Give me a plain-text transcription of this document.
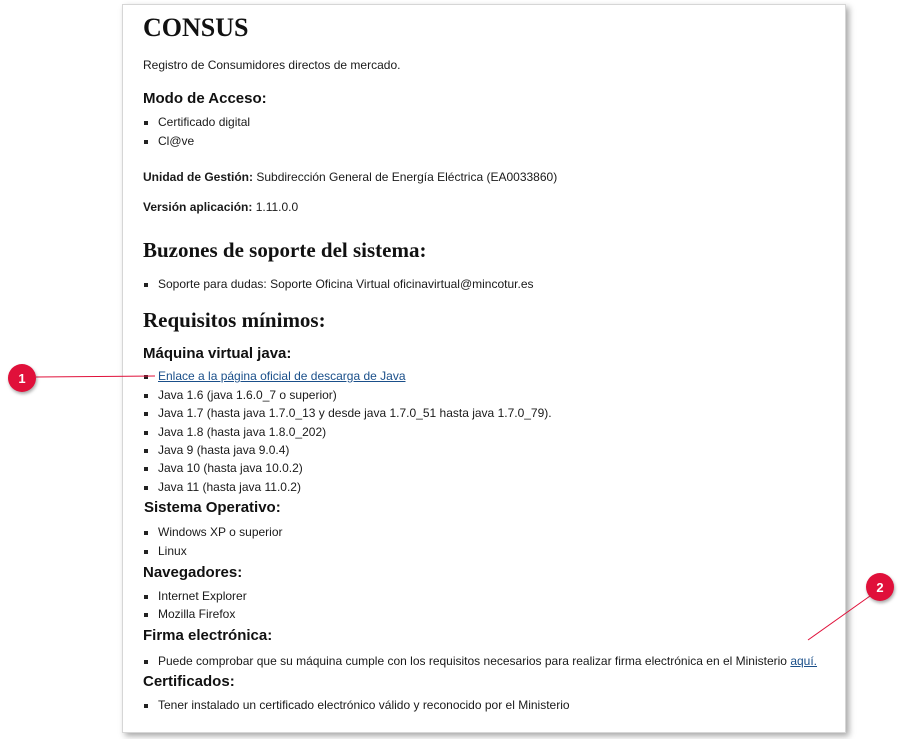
CONSUS

Registro de Consumidores directos de mercado.

Modo de Acceso:
Certificado digital
Cl@ve

Unidad de Gestión: Subdirección General de Energía Eléctrica (EA0033860)

Versión aplicación: 1.11.0.0

Buzones de soporte del sistema:
Soporte para dudas: Soporte Oficina Virtual oficinavirtual@mincotur.es
Requisitos mínimos:
Máquina virtual java:
Enlace a la página oficial de descarga de Java
Java 1.6 (java 1.6.0_7 o superior)
Java 1.7 (hasta java 1.7.0_13 y desde java 1.7.0_51 hasta java 1.7.0_79).
Java 1.8 (hasta java 1.8.0_202)
Java 9 (hasta java 9.0.4)
Java 10 (hasta java 10.0.2)
Java 11 (hasta java 11.0.2)
Sistema Operativo:
Windows XP o superior
Linux
Navegadores:
Internet Explorer
Mozilla Firefox
Firma electrónica:
Puede comprobar que su máquina cumple con los requisitos necesarios para realizar firma electrónica en el Ministerio aquí.
Certificados:
Tener instalado un certificado electrónico válido y reconocido por el Ministerio
1
2
